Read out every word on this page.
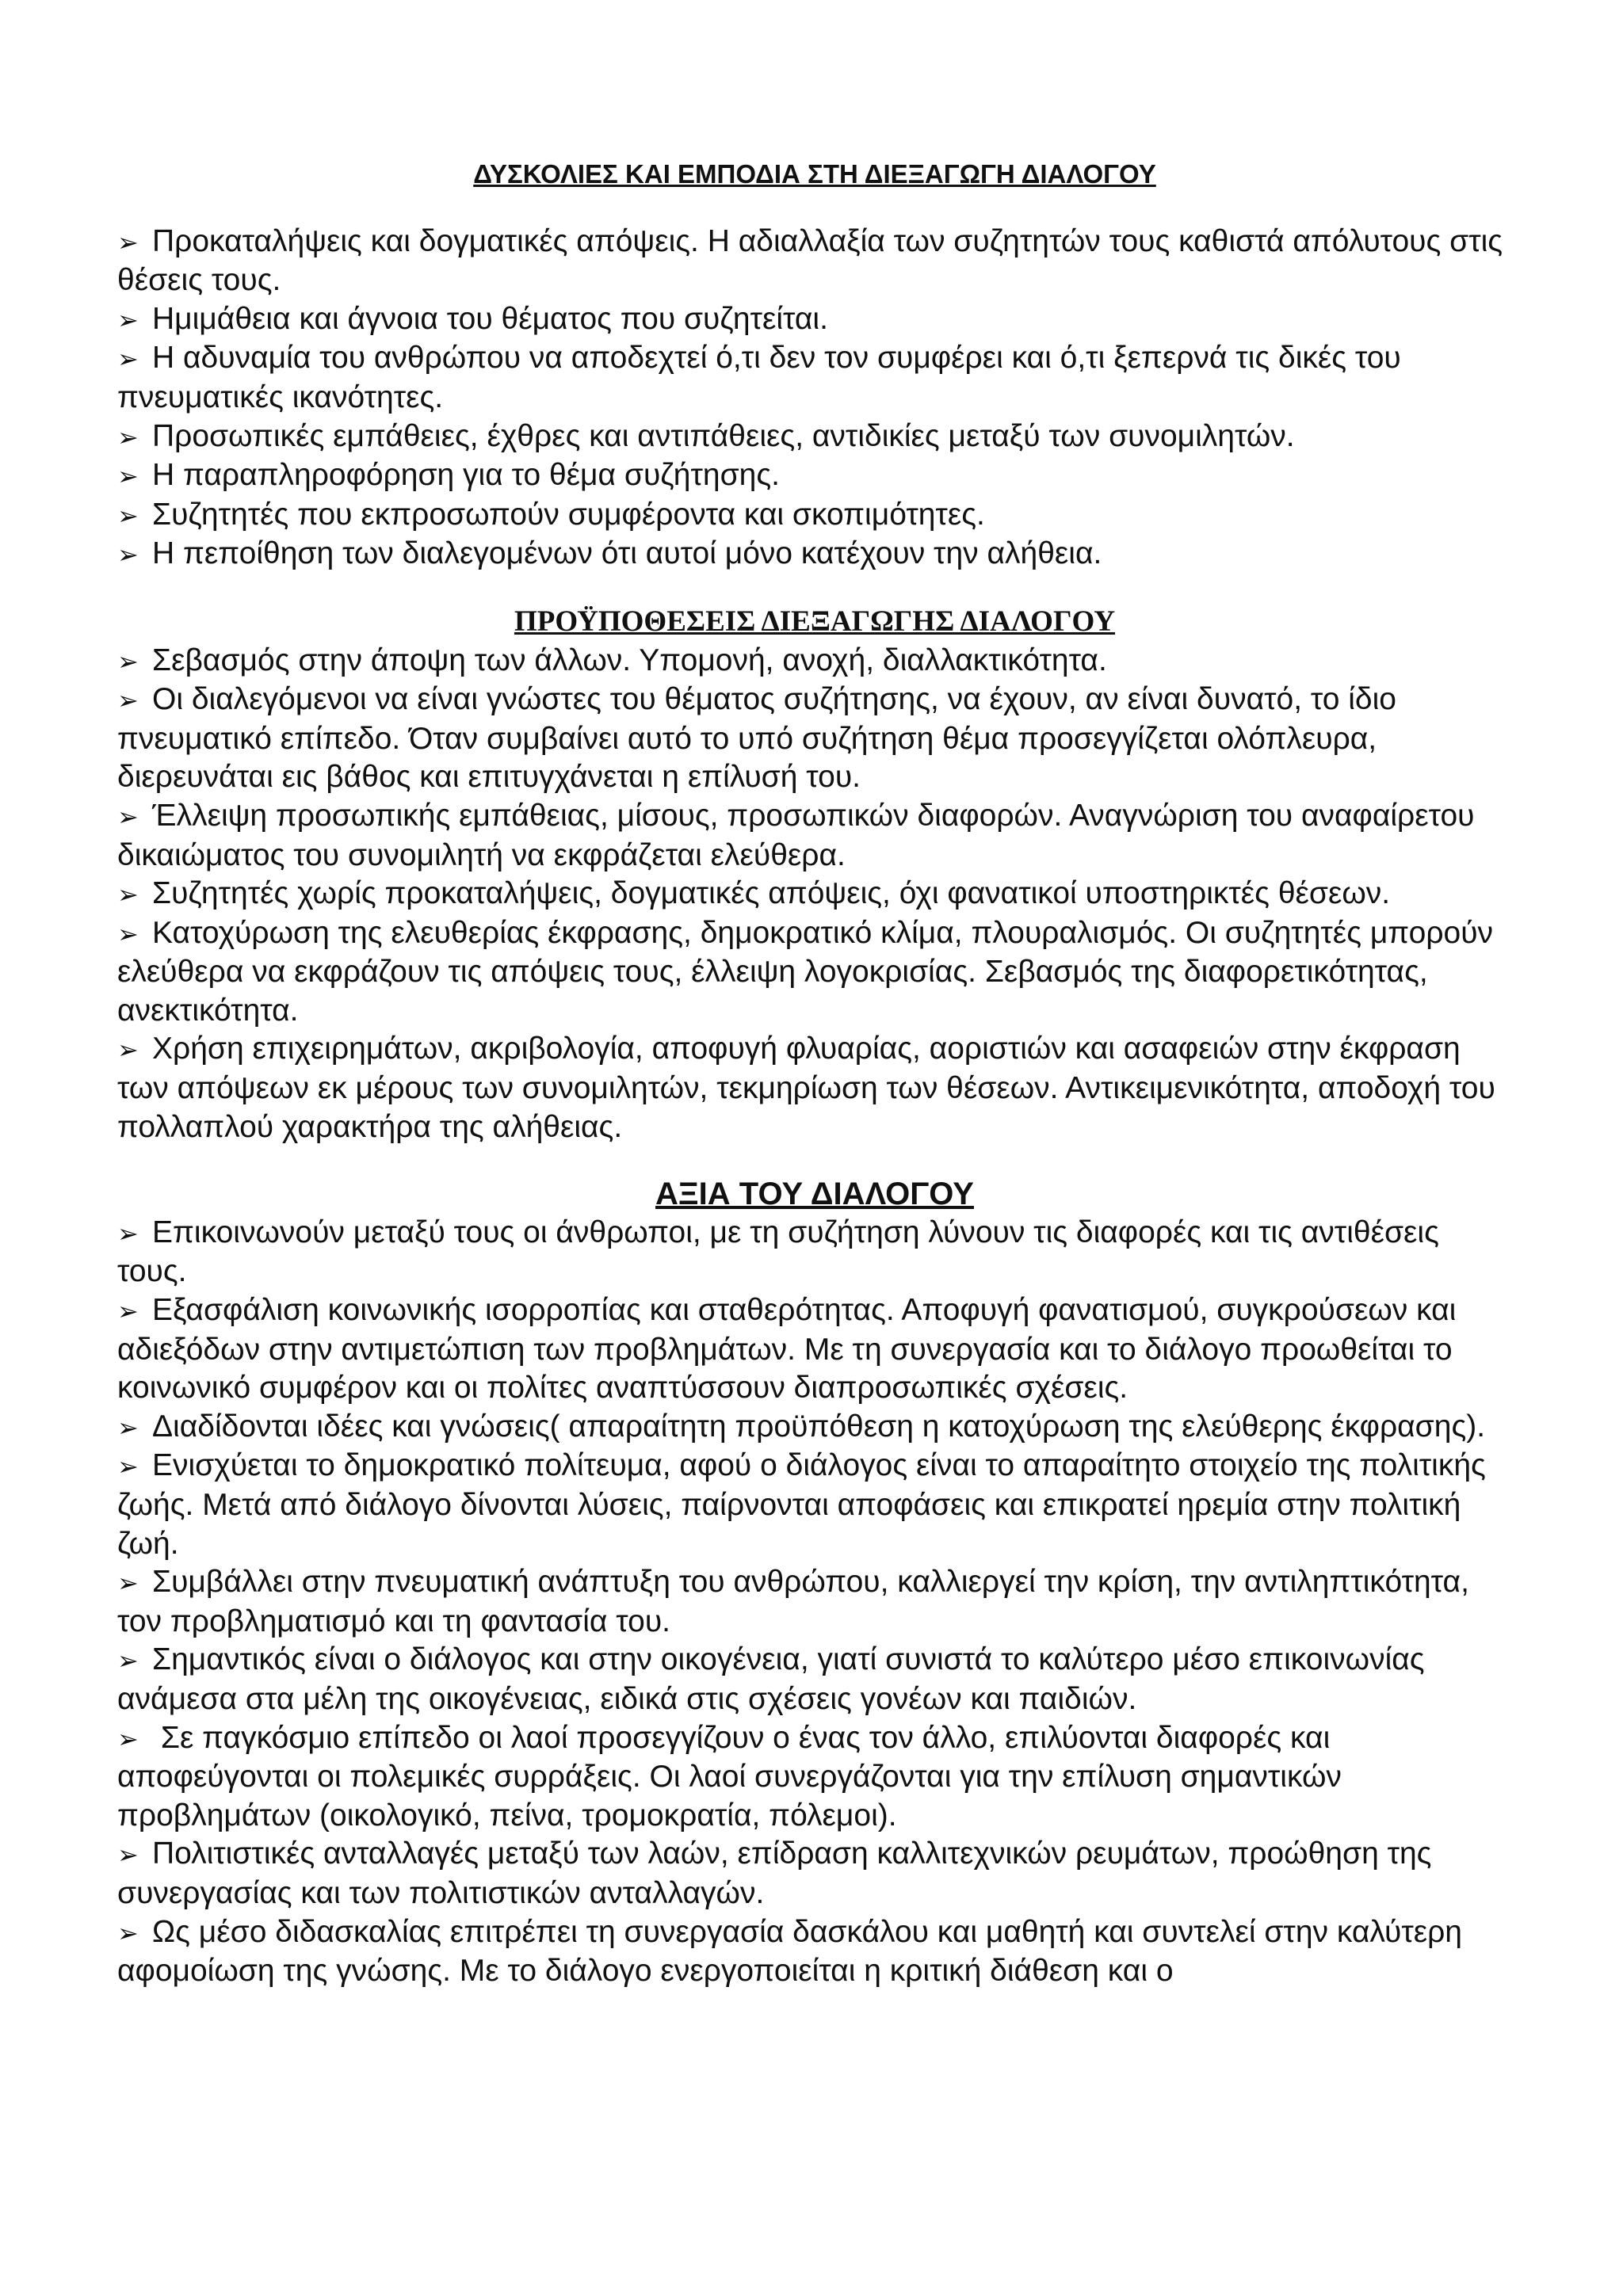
ΔΥΣΚΟΛΙΕΣ ΚΑΙ ΕΜΠΟΔΙΑ ΣΤΗ ΔΙΕΞΑΓΩΓΗ ΔΙΑΛΟΓΟΥ
➢ Προκαταλήψεις και δογματικές απόψεις. Η αδιαλλαξία των συζητητών τους καθιστά απόλυτους στις θέσεις τους.
➢ Ημιμάθεια και άγνοια του θέματος που συζητείται.
➢ Η αδυναμία του ανθρώπου να αποδεχτεί ό,τι δεν τον συμφέρει και ό,τι ξεπερνά τις δικές του πνευματικές ικανότητες.
➢ Προσωπικές εμπάθειες, έχθρες και αντιπάθειες, αντιδικίες μεταξύ των συνομιλητών.
➢ Η παραπληροφόρηση για το θέμα συζήτησης.
➢ Συζητητές που εκπροσωπούν συμφέροντα και σκοπιμότητες.
➢ Η πεποίθηση των διαλεγομένων ότι αυτοί μόνο κατέχουν την αλήθεια.
ΠΡΟΫΠΟΘΕΣΕΙΣ ΔΙΕΞΑΓΩΓΗΣ ΔΙΑΛΟΓΟΥ
➢ Σεβασμός στην άποψη των άλλων. Υπομονή, ανοχή, διαλλακτικότητα.
➢ Οι διαλεγόμενοι να είναι γνώστες του θέματος συζήτησης, να έχουν, αν είναι δυνατό, το ίδιο πνευματικό επίπεδο. Όταν συμβαίνει αυτό το υπό συζήτηση θέμα προσεγγίζεται ολόπλευρα, διερευνάται εις βάθος και επιτυγχάνεται η επίλυσή του.
➢ Έλλειψη προσωπικής εμπάθειας, μίσους, προσωπικών διαφορών. Αναγνώριση του αναφαίρετου δικαιώματος του συνομιλητή να εκφράζεται ελεύθερα.
➢ Συζητητές χωρίς προκαταλήψεις, δογματικές απόψεις, όχι φανατικοί υποστηρικτές θέσεων.
➢ Κατοχύρωση της ελευθερίας έκφρασης, δημοκρατικό κλίμα, πλουραλισμός. Οι συζητητές μπορούν ελεύθερα να εκφράζουν τις απόψεις τους, έλλειψη λογοκρισίας. Σεβασμός της διαφορετικότητας, ανεκτικότητα.
➢ Χρήση επιχειρημάτων, ακριβολογία, αποφυγή φλυαρίας, αοριστιών και ασαφειών στην έκφραση των απόψεων εκ μέρους των συνομιλητών, τεκμηρίωση των θέσεων. Αντικειμενικότητα, αποδοχή του πολλαπλού χαρακτήρα της αλήθειας.
ΑΞΙΑ ΤΟΥ ΔΙΑΛΟΓΟΥ
➢ Επικοινωνούν μεταξύ τους οι άνθρωποι, με τη συζήτηση λύνουν τις διαφορές και τις αντιθέσεις τους.
➢ Εξασφάλιση κοινωνικής ισορροπίας και σταθερότητας. Αποφυγή φανατισμού, συγκρούσεων και αδιεξόδων στην αντιμετώπιση των προβλημάτων. Με τη συνεργασία και το διάλογο προωθείται το κοινωνικό συμφέρον και οι πολίτες αναπτύσσουν διαπροσωπικές σχέσεις.
➢ Διαδίδονται ιδέες και γνώσεις( απαραίτητη προϋπόθεση η κατοχύρωση της ελεύθερης έκφρασης).
➢ Ενισχύεται το δημοκρατικό πολίτευμα, αφού ο διάλογος είναι το απαραίτητο στοιχείο της πολιτικής ζωής. Μετά από διάλογο δίνονται λύσεις, παίρνονται αποφάσεις και επικρατεί ηρεμία στην πολιτική ζωή.
➢ Συμβάλλει στην πνευματική ανάπτυξη του ανθρώπου, καλλιεργεί την κρίση, την αντιληπτικότητα, τον προβληματισμό και τη φαντασία του.
➢ Σημαντικός είναι ο διάλογος και στην οικογένεια, γιατί συνιστά το καλύτερο μέσο επικοινωνίας ανάμεσα στα μέλη της οικογένειας, ειδικά στις σχέσεις γονέων και παιδιών.
➢ Σε παγκόσμιο επίπεδο οι λαοί προσεγγίζουν ο ένας τον άλλο, επιλύονται διαφορές και αποφεύγονται οι πολεμικές συρράξεις. Οι λαοί συνεργάζονται για την επίλυση σημαντικών προβλημάτων (οικολογικό, πείνα, τρομοκρατία, πόλεμοι).
➢ Πολιτιστικές ανταλλαγές μεταξύ των λαών, επίδραση καλλιτεχνικών ρευμάτων, προώθηση της συνεργασίας και των πολιτιστικών ανταλλαγών.
➢ Ως μέσο διδασκαλίας επιτρέπει τη συνεργασία δασκάλου και μαθητή και συντελεί στην καλύτερη αφομοίωση της γνώσης. Με το διάλογο ενεργοποιείται η κριτική διάθεση και ο
